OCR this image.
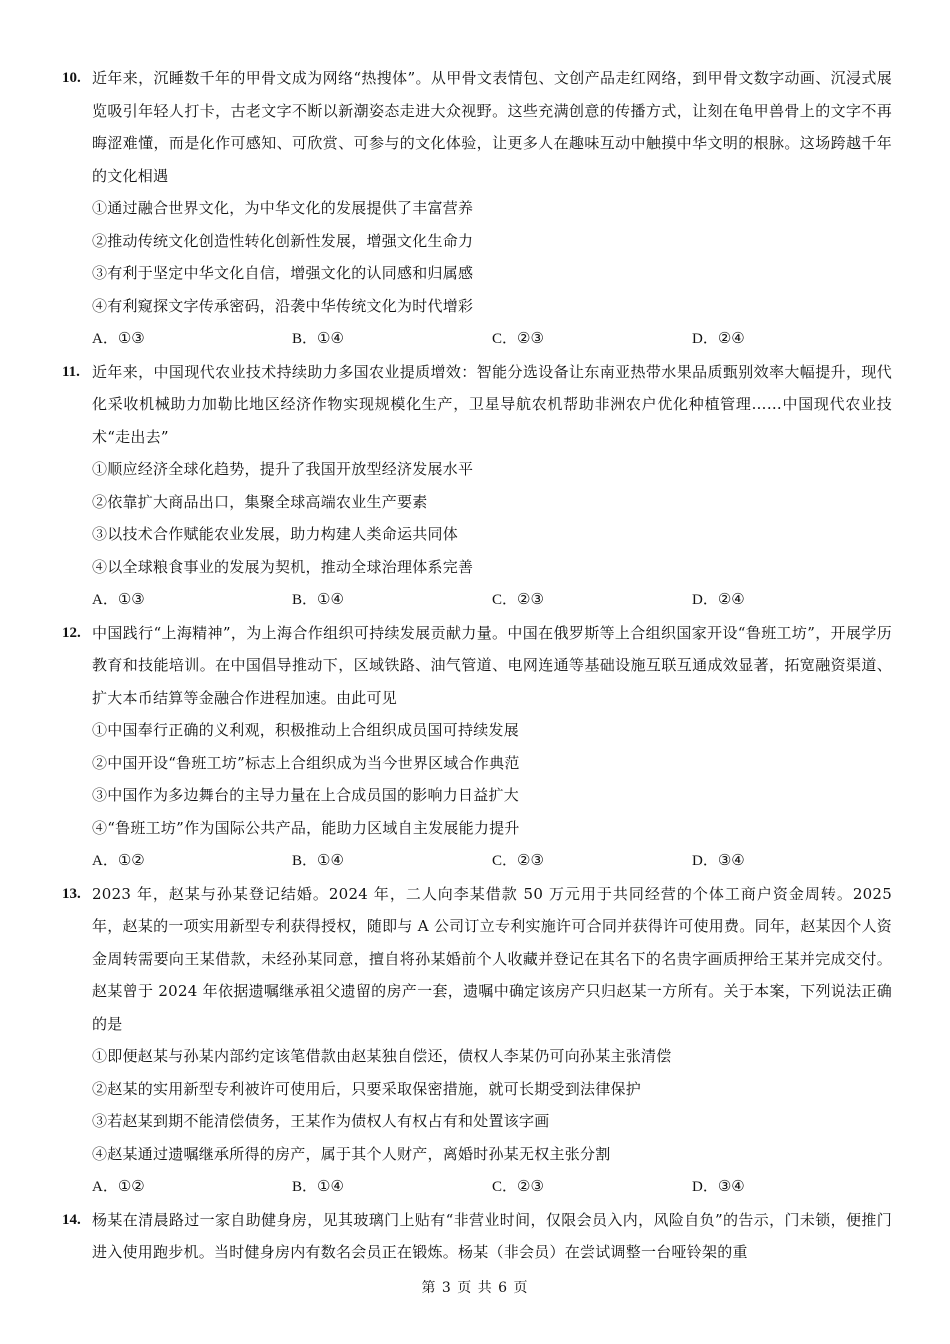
10. 近年来，沉睡数千年的甲骨文成为网络“热搜体”。从甲骨文表情包、文创产品走红网络，到甲骨文数字动画、沉浸式展览吸引年轻人打卡，古老文字不断以新潮姿态走进大众视野。这些充满创意的传播方式，让刻在龟甲兽骨上的文字不再晦涩难懂，而是化作可感知、可欣赏、可参与的文化体验，让更多人在趣味互动中触摸中华文明的根脉。这场跨越千年的文化相遇
①通过融合世界文化，为中华文化的发展提供了丰富营养
②推动传统文化创造性转化创新性发展，增强文化生命力
③有利于坚定中华文化自信，增强文化的认同感和归属感
④有利窥探文字传承密码，沿袭中华传统文化为时代增彩
A．①③	B．①④	C．②③	D．②④
11. 近年来，中国现代农业技术持续助力多国农业提质增效：智能分选设备让东南亚热带水果品质甄别效率大幅提升，现代化采收机械助力加勒比地区经济作物实现规模化生产，卫星导航农机帮助非洲农户优化种植管理……中国现代农业技术“走出去”
①顺应经济全球化趋势，提升了我国开放型经济发展水平
②依靠扩大商品出口，集聚全球高端农业生产要素
③以技术合作赋能农业发展，助力构建人类命运共同体
④以全球粮食事业的发展为契机，推动全球治理体系完善
A．①③	B．①④	C．②③	D．②④
12. 中国践行“上海精神”，为上海合作组织可持续发展贡献力量。中国在俄罗斯等上合组织国家开设“鲁班工坊”，开展学历教育和技能培训。在中国倡导推动下，区域铁路、油气管道、电网连通等基础设施互联互通成效显著，拓宽融资渠道、扩大本币结算等金融合作进程加速。由此可见
①中国奉行正确的义利观，积极推动上合组织成员国可持续发展
②中国开设“鲁班工坊”标志上合组织成为当今世界区域合作典范
③中国作为多边舞台的主导力量在上合成员国的影响力日益扩大
④“鲁班工坊”作为国际公共产品，能助力区域自主发展能力提升
A．①②	B．①④	C．②③	D．③④
13. 2023 年，赵某与孙某登记结婚。2024 年，二人向李某借款 50 万元用于共同经营的个体工商户资金周转。2025 年，赵某的一项实用新型专利获得授权，随即与 A 公司订立专利实施许可合同并获得许可使用费。同年，赵某因个人资金周转需要向王某借款，未经孙某同意，擅自将孙某婚前个人收藏并登记在其名下的名贵字画质押给王某并完成交付。赵某曾于 2024 年依据遗嘱继承祖父遗留的房产一套，遗嘱中确定该房产只归赵某一方所有。关于本案，下列说法正确的是
①即便赵某与孙某内部约定该笔借款由赵某独自偿还，债权人李某仍可向孙某主张清偿
②赵某的实用新型专利被许可使用后，只要采取保密措施，就可长期受到法律保护
③若赵某到期不能清偿债务，王某作为债权人有权占有和处置该字画
④赵某通过遗嘱继承所得的房产，属于其个人财产，离婚时孙某无权主张分割
A．①②	B．①④	C．②③	D．③④
14. 杨某在清晨路过一家自助健身房，见其玻璃门上贴有“非营业时间，仅限会员入内，风险自负”的告示，门未锁，便推门进入使用跑步机。当时健身房内有数名会员正在锻炼。杨某（非会员）在尝试调整一台哑铃架的重
第 3 页 共 6 页
